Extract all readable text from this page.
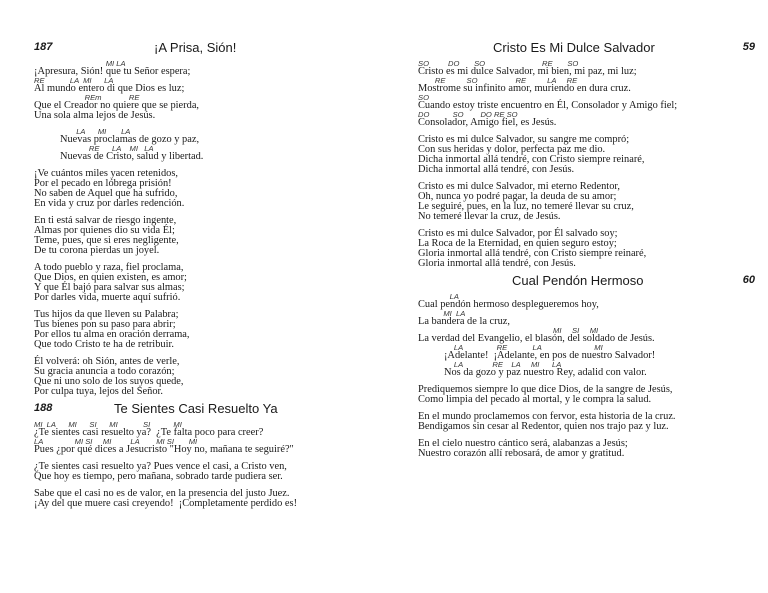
187	¡A Prisa, Sión!
MI LA
¡Apresura, Sión! que tu Señor espera;
RE            LA  MI      LA
Al mundo entero di que Dios es luz;
REm             RE
Que el Creador no quiere que se pierda,
Una sola alma lejos de Jesús.
LA      MI       LA
Nuevas proclamas de gozo y paz,
RE      LA    MI   LA
Nuevas de Cristo, salud y libertad.
¡Ve cuántos miles yacen retenidos,
Por el pecado en lóbrega prisión!
No saben de Aquel que ha sufrido,
En vida y cruz por darles redención.
En ti está salvar de riesgo ingente,
Almas por quienes dio su vida Él;
Teme, pues, que si eres negligente,
De tu corona pierdas un joyel.
A todo pueblo y raza, fiel proclama,
Que Dios, en quien existen, es amor;
Y que Él bajó para salvar sus almas;
Por darles vida, muerte aquí sufrió.
Tus hijos da que lleven su Palabra;
Tus bienes pon su paso para abrir;
Por ellos tu alma en oración derrama,
Que todo Cristo te ha de retribuir.
Él volverá: oh Sión, antes de verle,
Su gracia anuncia a todo corazón;
Que ni uno solo de los suyos quede,
Por culpa tuya, lejos del Señor.
188	Te Sientes Casi Resuelto Ya
MI  LA      MI      SI      MI            SI           MI
¿Te sientes casi resuelto ya?  ¿Te falta poco para creer?
LA               MI SI     MI         LA        MI SI       MI
Pues ¿por qué dices a Jesucristo "Hoy no, mañana te seguiré?"
¿Te sientes casi resuelto ya? Pues vence el casi, a Cristo ven,
Que hoy es tiempo, pero mañana, sobrado tarde pudiera ser.
Sabe que el casi no es de valor, en la presencia del justo Juez.
¡Ay del que muere casi creyendo!  ¡Completamente perdido es!
Cristo Es Mi Dulce Salvador	59
SO         DO       SO                           RE       SO
Cristo es mi dulce Salvador, mi bien, mi paz, mi luz;
RE          SO                  RE          LA     RE
Mostrome su infinito amor, muriendo en dura cruz.
SO
Cuando estoy triste encuentro en Él, Consolador y Amigo fiel;
DO           SO        DO RE SO
Consolador, Amigo fiel, es Jesús.
Cristo es mi dulce Salvador, su sangre me compró;
Con sus heridas y dolor, perfecta paz me dio.
Dicha inmortal allá tendré, con Cristo siempre reinaré,
Dicha inmortal allá tendré, con Jesús.
Cristo es mi dulce Salvador, mi eterno Redentor,
Oh, nunca yo podré pagar, la deuda de su amor;
Le seguiré, pues, en la luz, no temeré llevar su cruz,
No temeré llevar la cruz, de Jesús.
Cristo es mi dulce Salvador, por Él salvado soy;
La Roca de la Eternidad, en quien seguro estoy;
Gloria inmortal allá tendré, con Cristo siempre reinaré,
Gloria inmortal allá tendré, con Jesús.
Cual Pendón Hermoso	60
LA
Cual pendón hermoso desplegueremos hoy,
MI  LA
La bandera de la cruz,
MI     SI     MI
La verdad del Evangelio, el blasón, del soldado de Jesús.
LA                RE            LA                         MI
¡Adelante!  ¡Adelante, en pos de nuestro Salvador!
LA              RE    LA     MI      LA
Nos da gozo y paz nuestro Rey, adalid con valor.
Prediquemos siempre lo que dice Dios, de la sangre de Jesús,
Como limpia del pecado al mortal, y le compra la salud.
En el mundo proclamemos con fervor, esta historia de la cruz.
Bendigamos sin cesar al Redentor, quien nos trajo paz y luz.
En el cielo nuestro cántico será, alabanzas a Jesús;
Nuestro corazón allí rebosará, de amor y gratitud.
